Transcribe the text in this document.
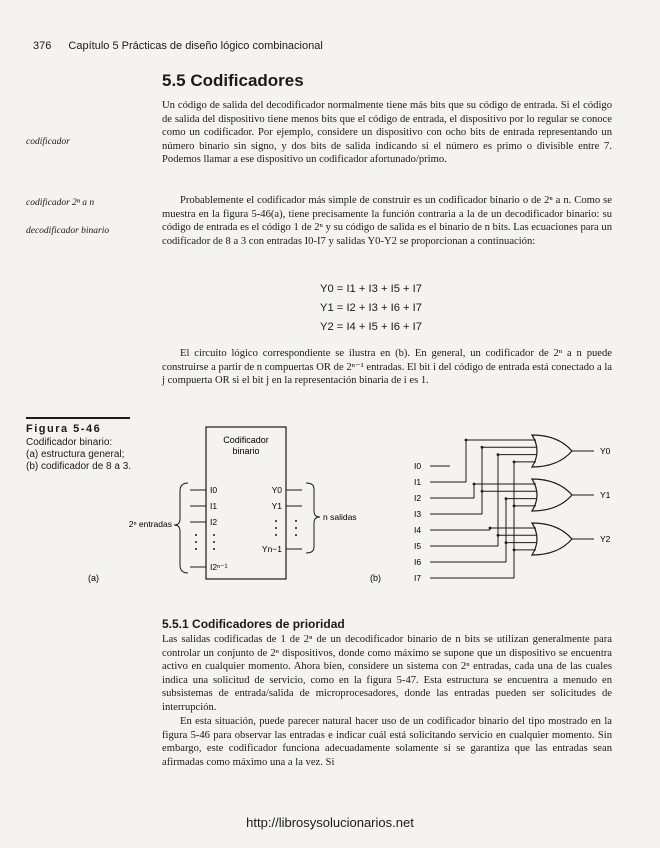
376 Capítulo 5 Prácticas de diseño lógico combinacional
5.5 Codificadores
codificador
codificador 2ⁿ a n
decodificador binario
Un código de salida del decodificador normalmente tiene más bits que su código de entrada. Si el código de salida del dispositivo tiene menos bits que el código de entrada, el dispositivo por lo regular se conoce como un codificador. Por ejemplo, considere un dispositivo con ocho bits de entrada representando un número binario sin signo, y dos bits de salida indicando si el número es primo o divisible entre 7. Podemos llamar a ese dispositivo un codificador afortunado/primo.
Probablemente el codificador más simple de construir es un codificador binario o de 2ⁿ a n. Como se muestra en la figura 5-46(a), tiene precisamente la función contraria a la de un decodificador binario: su código de entrada es el código 1 de 2ⁿ y su código de salida es el binario de n bits. Las ecuaciones para un codificador de 8 a 3 con entradas I0-I7 y salidas Y0-Y2 se proporcionan a continuación:
Y0 = I1 + I3 + I5 + I7
Y1 = I2 + I3 + I6 + I7
Y2 = I4 + I5 + I6 + I7
El circuito lógico correspondiente se ilustra en (b). En general, un codificador de 2ⁿ a n puede construirse a partir de n compuertas OR de 2ⁿ⁻¹ entradas. El bit i del código de entrada está conectado a la j compuerta OR si el bit j en la representación binaria de i es 1.
Figura 5-46
Codificador binario:
(a) estructura general;
(b) codificador de 8 a 3.
Codificador
binario
I0
I1
I2
I2ⁿ⁻¹
Y0
Y1
Yn−1
2ⁿ entradas
n salidas
(a)	(b)
I0
I1
I2
I3
I4
I5
I6
I7
Y0
Y1
Y2
5.5.1 Codificadores de prioridad
Las salidas codificadas de 1 de 2ⁿ de un decodificador binario de n bits se utilizan generalmente para controlar un conjunto de 2ⁿ dispositivos, donde como máximo se supone que un dispositivo se encuentra activo en cualquier momento. Ahora bien, considere un sistema con 2ⁿ entradas, cada una de las cuales indica una solicitud de servicio, como en la figura 5-47. Esta estructura se encuentra a menudo en subsistemas de entrada/salida de microprocesadores, donde las entradas pueden ser solicitudes de interrupción.
En esta situación, puede parecer natural hacer uso de un codificador binario del tipo mostrado en la figura 5-46 para observar las entradas e indicar cuál está solicitando servicio en cualquier momento. Sin embargo, este codificador funciona adecuadamente solamente si se garantiza que las entradas sean afirmadas como máximo una a la vez. Si
http://librosysolucionarios.net
